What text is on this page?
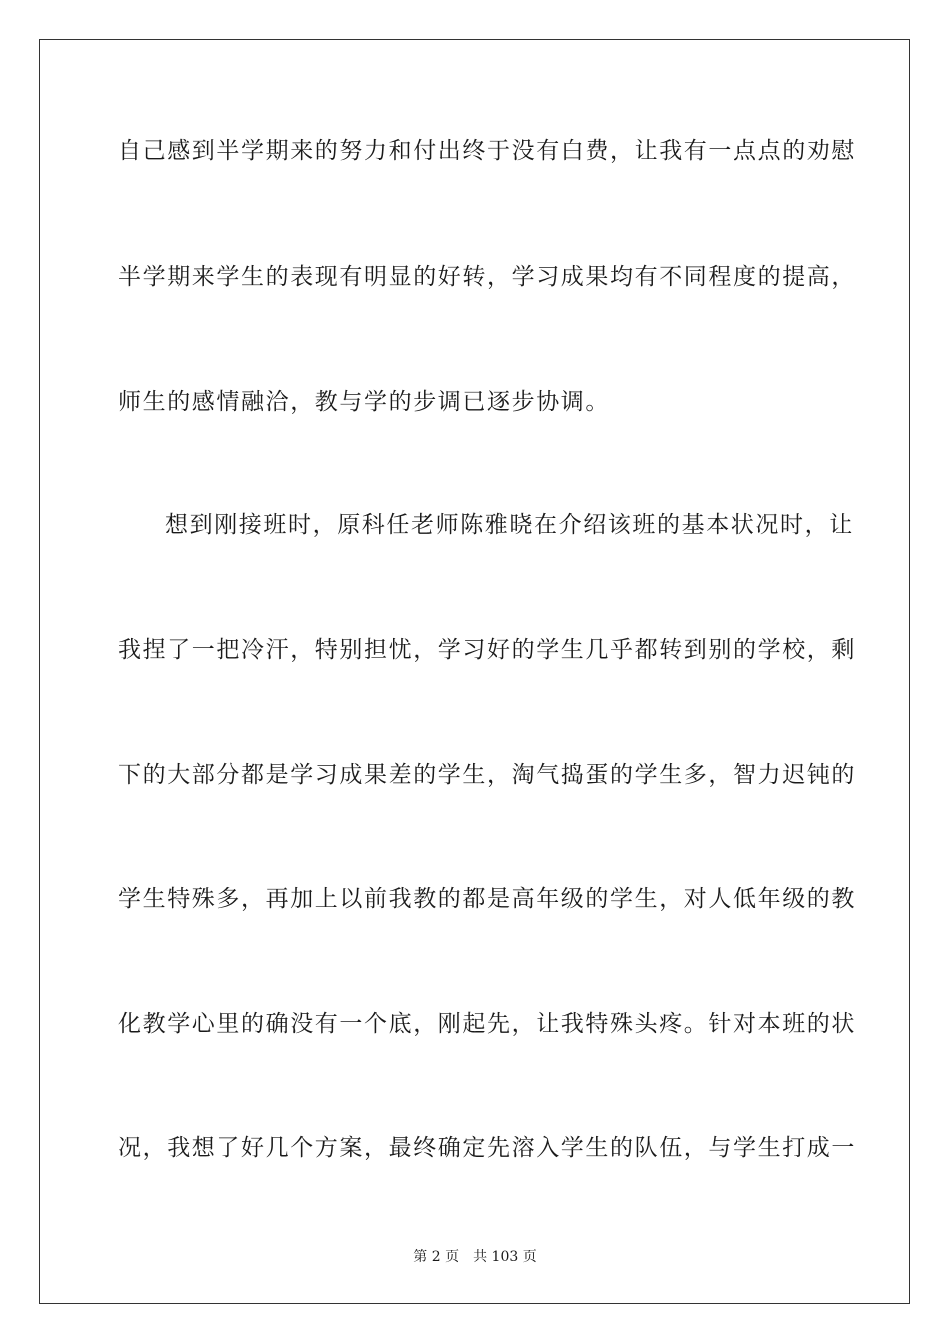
自己感到半学期来的努力和付出终于没有白费，让我有一点点的劝慰
半学期来学生的表现有明显的好转，学习成果均有不同程度的提高，
师生的感情融洽，教与学的步调已逐步协调。
想到刚接班时，原科任老师陈雅晓在介绍该班的基本状况时，让
我捏了一把冷汗，特别担忧，学习好的学生几乎都转到别的学校，剩
下的大部分都是学习成果差的学生，淘气捣蛋的学生多，智力迟钝的
学生特殊多，再加上以前我教的都是高年级的学生，对人低年级的教
化教学心里的确没有一个底，刚起先，让我特殊头疼。针对本班的状
况，我想了好几个方案，最终确定先溶入学生的队伍，与学生打成一
第 2 页 共 103 页
